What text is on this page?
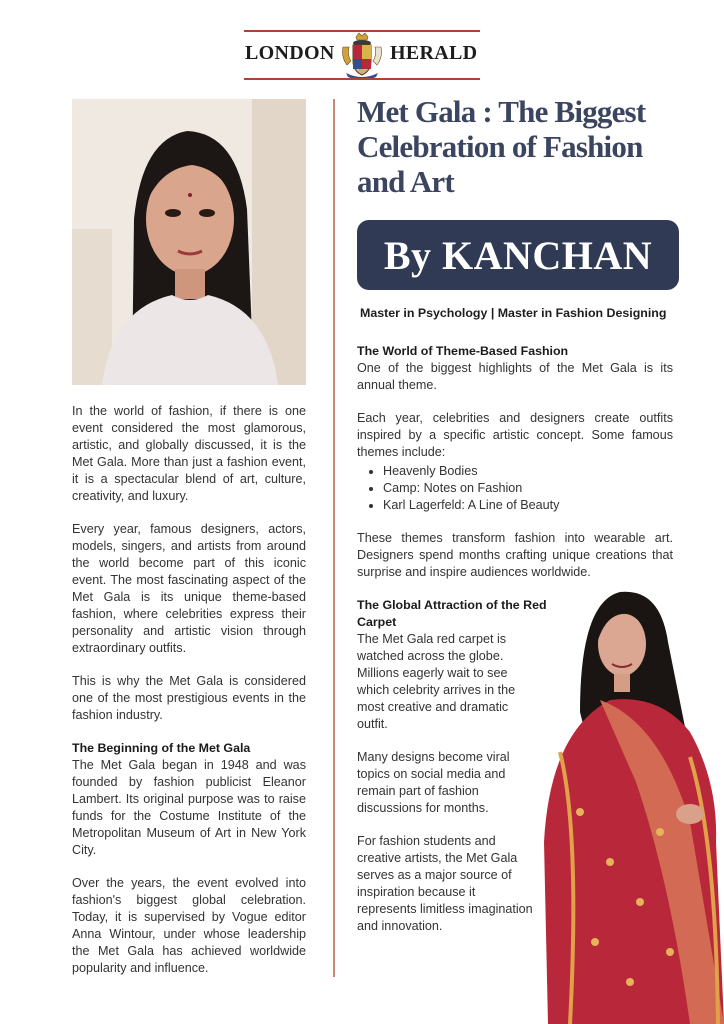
LONDON	HERALD

In the world of fashion, if there is one event considered the most glamorous, artistic, and globally discussed, it is the Met Gala. More than just a fashion event, it is a spectacular blend of art, culture, creativity, and luxury.

Every year, famous designers, actors, models, singers, and artists from around the world become part of this iconic event. The most fascinating aspect of the Met Gala is its unique theme-based fashion, where celebrities express their personality and artistic vision through extraordinary outfits.

This is why the Met Gala is considered one of the most prestigious events in the fashion industry.

The Beginning of the Met Gala

The Met Gala began in 1948 and was founded by fashion publicist Eleanor Lambert. Its original purpose was to raise funds for the Costume Institute of the Metropolitan Museum of Art in New York City.

Over the years, the event evolved into fashion's biggest global celebration. Today, it is supervised by Vogue editor Anna Wintour, under whose leadership the Met Gala has achieved worldwide popularity and influence.

Met Gala : The Biggest Celebration of Fashion and Art
By KANCHAN
Master in Psychology | Master in Fashion Designing
The World of Theme-Based Fashion

One of the biggest highlights of the Met Gala is its annual theme.

Each year, celebrities and designers create outfits inspired by a specific artistic concept. Some famous themes include:

• Heavenly Bodies
• Camp: Notes on Fashion
• Karl Lagerfeld: A Line of Beauty

These themes transform fashion into wearable art. Designers spend months crafting unique creations that surprise and inspire audiences worldwide.

The Global Attraction of the Red Carpet

The Met Gala red carpet is watched across the globe. Millions eagerly wait to see which celebrity arrives in the most creative and dramatic outfit.

Many designs become viral topics on social media and remain part of fashion discussions for months.

For fashion students and creative artists, the Met Gala serves as a major source of inspiration because it represents limitless imagination and innovation.
